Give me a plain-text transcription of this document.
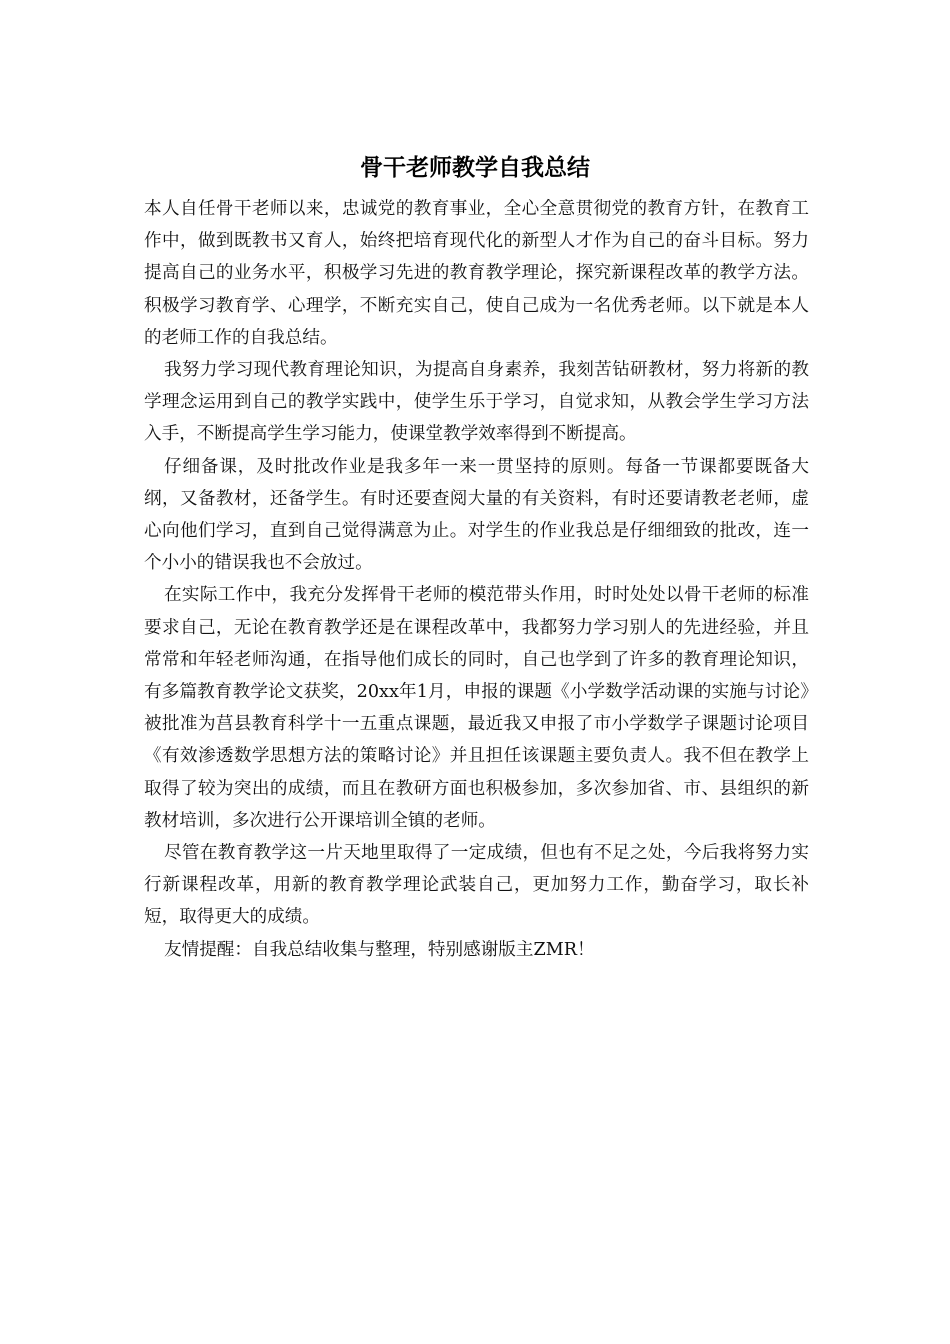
骨干老师教学自我总结

本人自任骨干老师以来，忠诚党的教育事业，全心全意贯彻党的教育方针，在教育工作中，做到既教书又育人，始终把培育现代化的新型人才作为自己的奋斗目标。努力提高自己的业务水平，积极学习先进的教育教学理论，探究新课程改革的教学方法。积极学习教育学、心理学，不断充实自己，使自己成为一名优秀老师。以下就是本人的老师工作的自我总结。

我努力学习现代教育理论知识，为提高自身素养，我刻苦钻研教材，努力将新的教学理念运用到自己的教学实践中，使学生乐于学习，自觉求知，从教会学生学习方法入手，不断提高学生学习能力，使课堂教学效率得到不断提高。

仔细备课，及时批改作业是我多年一来一贯坚持的原则。每备一节课都要既备大纲，又备教材，还备学生。有时还要查阅大量的有关资料，有时还要请教老老师，虚心向他们学习，直到自己觉得满意为止。对学生的作业我总是仔细细致的批改，连一个小小的错误我也不会放过。

在实际工作中，我充分发挥骨干老师的模范带头作用，时时处处以骨干老师的标准要求自己，无论在教育教学还是在课程改革中，我都努力学习别人的先进经验，并且常常和年轻老师沟通，在指导他们成长的同时，自己也学到了许多的教育理论知识，有多篇教育教学论文获奖，20xx年1月，申报的课题《小学数学活动课的实施与讨论》被批准为莒县教育科学十一五重点课题，最近我又申报了市小学数学子课题讨论项目《有效渗透数学思想方法的策略讨论》并且担任该课题主要负责人。我不但在教学上取得了较为突出的成绩，而且在教研方面也积极参加，多次参加省、市、县组织的新教材培训，多次进行公开课培训全镇的老师。

尽管在教育教学这一片天地里取得了一定成绩，但也有不足之处，今后我将努力实行新课程改革，用新的教育教学理论武装自己，更加努力工作，勤奋学习，取长补短，取得更大的成绩。

友情提醒：自我总结收集与整理，特别感谢版主ZMR！
